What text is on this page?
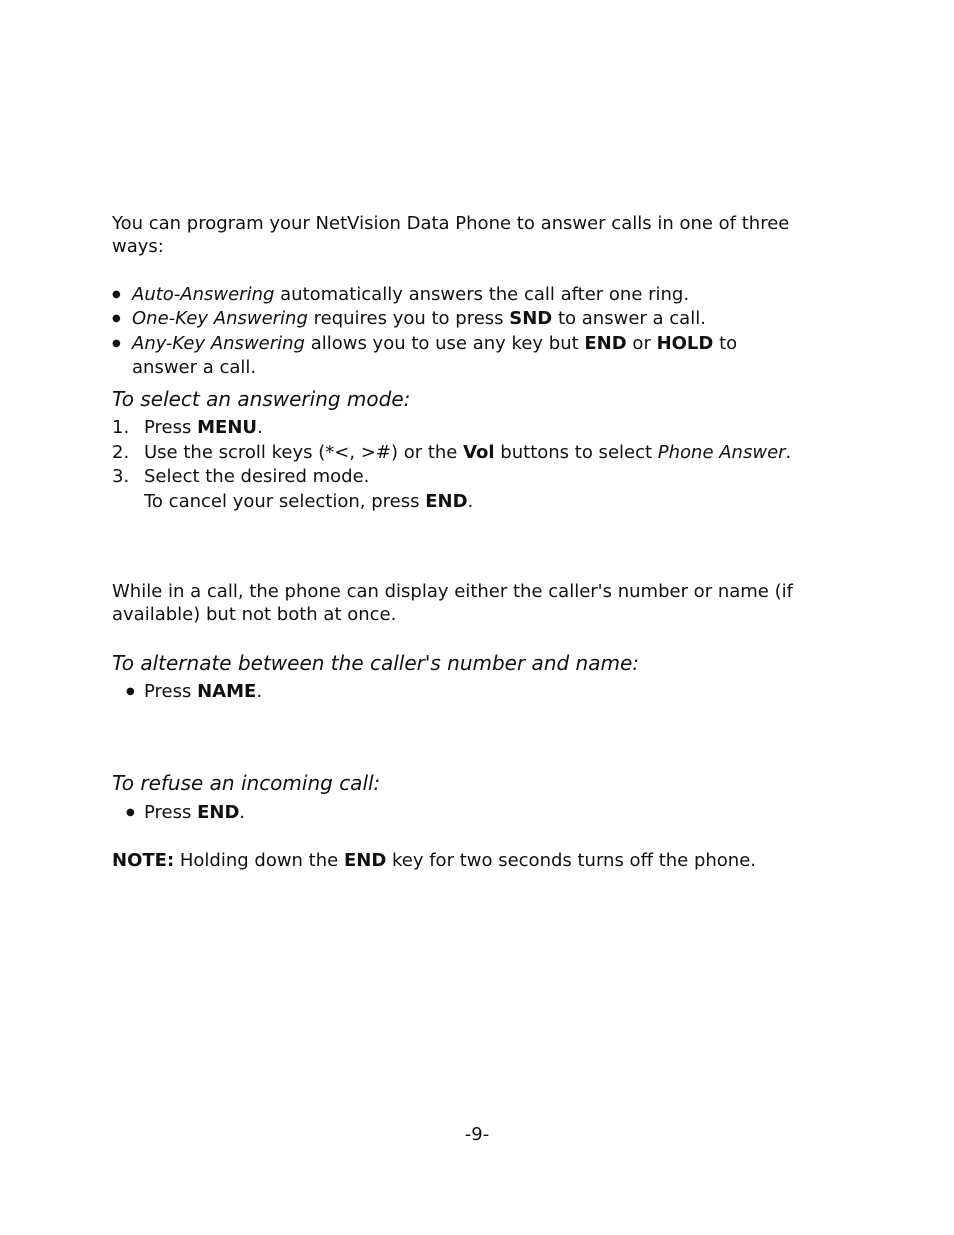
You can program your NetVision Data Phone to answer calls in one of three
ways:
● Auto-Answering automatically answers the call after one ring.
● One-Key Answering requires you to press SND to answer a call.
● Any-Key Answering allows you to use any key but END or HOLD to
answer a call.
To select an answering mode:
1. Press MENU.
2. Use the scroll keys (*<, >#) or the Vol buttons to select Phone Answer.
3. Select the desired mode.
To cancel your selection, press END.
While in a call, the phone can display either the caller's number or name (if
available) but not both at once.
To alternate between the caller's number and name:
● Press NAME.
To refuse an incoming call:
● Press END.
NOTE: Holding down the END key for two seconds turns off the phone.
-9-
